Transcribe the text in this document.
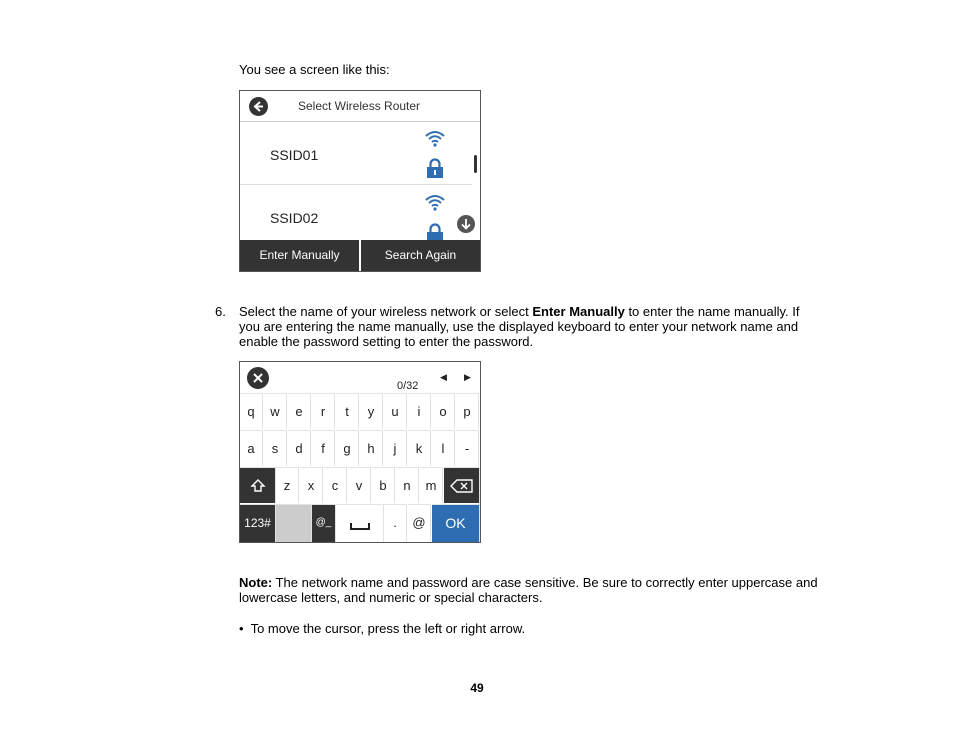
You see a screen like this:
Select Wireless Router
SSID01
SSID02
Enter Manually	Search Again
6. Select the name of your wireless network or select Enter Manually to enter the name manually. If you are entering the name manually, use the displayed keyboard to enter your network name and enable the password setting to enter the password.
0/32
◀ ▶
q	w	e	r	t	y	u	i	o	p
a	s	d	f	g	h	j	k	l	-
z	x	c	v	b	n	m
123#	@_	.	@	OK
Note: The network name and password are case sensitive. Be sure to correctly enter uppercase and lowercase letters, and numeric or special characters.
• To move the cursor, press the left or right arrow.
49
